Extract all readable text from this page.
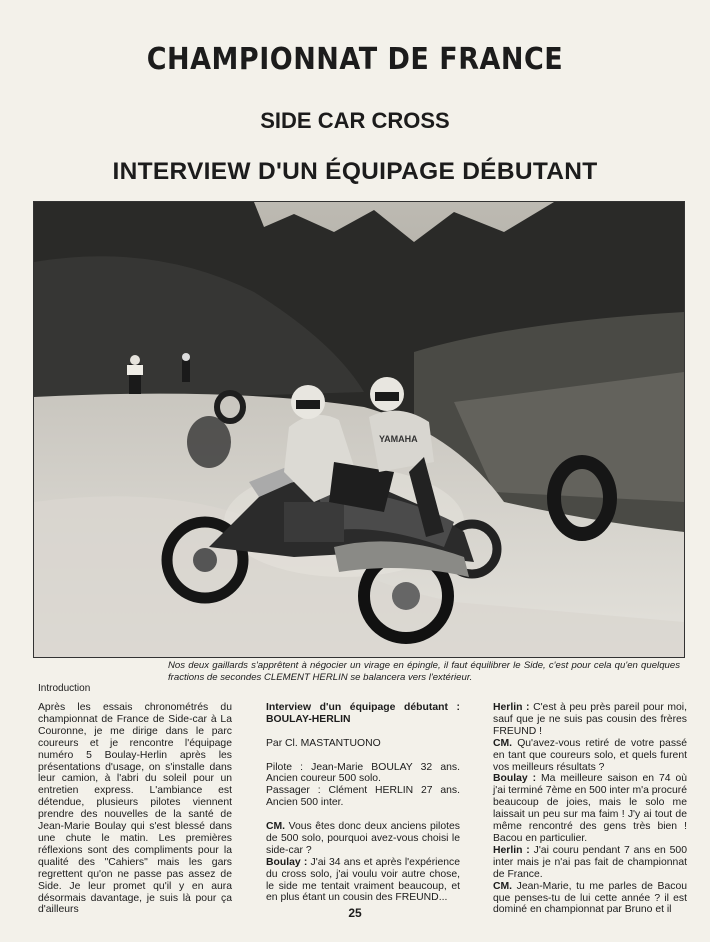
CHAMPIONNAT DE FRANCE
SIDE CAR CROSS
INTERVIEW D'UN ÉQUIPAGE DÉBUTANT
YAMAHA
Nos deux gaillards s'apprêtent à négocier un virage en épingle, il faut équilibrer le Side, c'est pour cela qu'en quelques fractions de secondes CLEMENT HERLIN se balancera vers l'extérieur.
Introduction

Après les essais chronométrés du championnat de France de Side-car à La Couronne, je me dirige dans le parc coureurs et je rencontre l'équipage numéro 5 Boulay-Herlin après les présentations d'usage, on s'installe dans leur camion, à l'abri du soleil pour un entretien express. L'ambiance est détendue, plusieurs pilotes viennent prendre des nouvelles de la santé de Jean-Marie Boulay qui s'est blessé dans une chute le matin. Les premières réflexions sont des compliments pour la qualité des "Cahiers" mais les gars regrettent qu'on ne passe pas assez de Side. Je leur promet qu'il y en aura désormais davantage, je suis là pour ça d'ailleurs

Interview d'un équipage débutant : BOULAY-HERLIN

Par Cl. MASTANTUONO

Pilote : Jean-Marie BOULAY 32 ans. Ancien coureur 500 solo.

Passager : Clément HERLIN 27 ans. Ancien 500 inter.

CM. Vous êtes donc deux anciens pilotes de 500 solo, pourquoi avez-vous choisi le side-car ?

Boulay : J'ai 34 ans et après l'expérience du cross solo, j'ai voulu voir autre chose, le side me tentait vraiment beaucoup, et en plus étant un cousin des FREUND...

Herlin : C'est à peu près pareil pour moi, sauf que je ne suis pas cousin des frères FREUND !

CM. Qu'avez-vous retiré de votre passé en tant que coureurs solo, et quels furent vos meilleurs résultats ?

Boulay : Ma meilleure saison en 74 où j'ai terminé 7ème en 500 inter m'a procuré beaucoup de joies, mais le solo me laissait un peu sur ma faim ! J'y ai tout de même rencontré des gens très bien ! Bacou en particulier.

Herlin : J'ai couru pendant 7 ans en 500 inter mais je n'ai pas fait de championnat de France.

CM. Jean-Marie, tu me parles de Bacou que penses-tu de lui cette année ? il est dominé en championnat par Bruno et il

25
